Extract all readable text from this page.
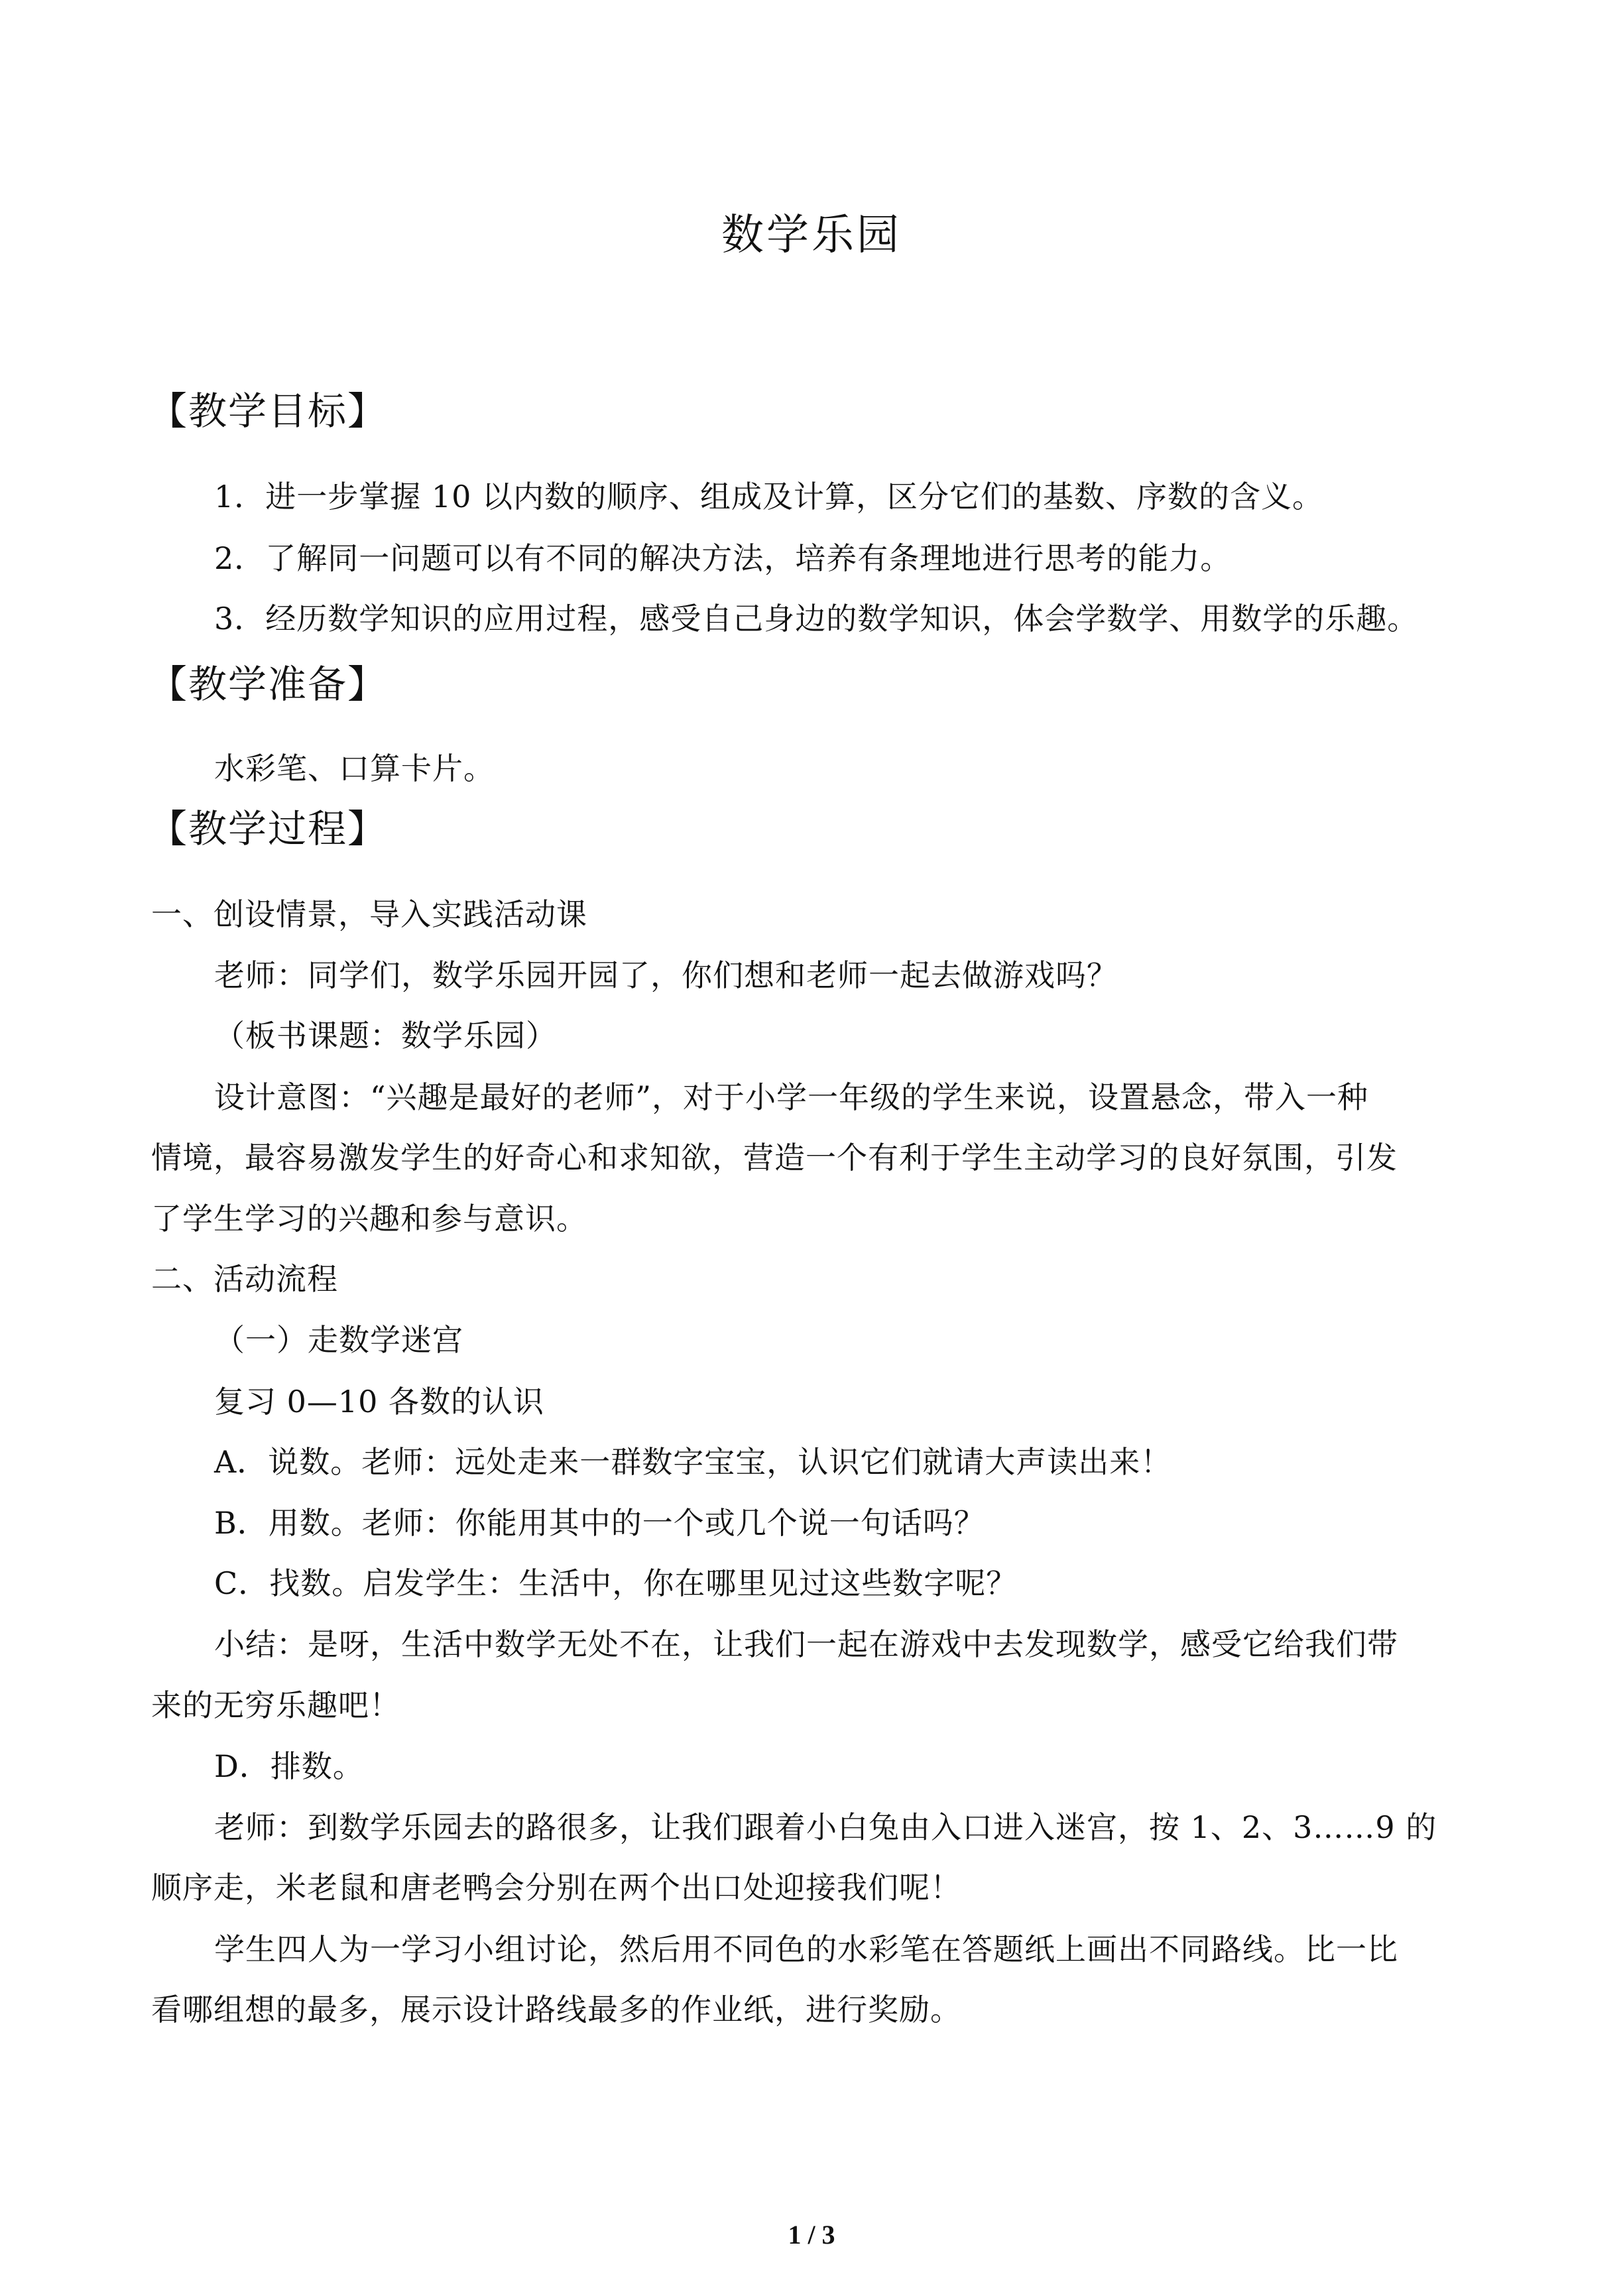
数学乐园
【教学目标】
1．进一步掌握 10 以内数的顺序、组成及计算，区分它们的基数、序数的含义。
2．了解同一问题可以有不同的解决方法，培养有条理地进行思考的能力。
3．经历数学知识的应用过程，感受自己身边的数学知识，体会学数学、用数学的乐趣。
【教学准备】
水彩笔、口算卡片。
【教学过程】
一、创设情景，导入实践活动课
老师：同学们，数学乐园开园了，你们想和老师一起去做游戏吗？
（板书课题：数学乐园）
设计意图：“兴趣是最好的老师”，对于小学一年级的学生来说，设置悬念，带入一种
情境，最容易激发学生的好奇心和求知欲，营造一个有利于学生主动学习的良好氛围，引发
了学生学习的兴趣和参与意识。
二、活动流程
（一）走数学迷宫
复习 0—10 各数的认识
A．说数。老师：远处走来一群数字宝宝，认识它们就请大声读出来！
B．用数。老师：你能用其中的一个或几个说一句话吗？
C．找数。启发学生：生活中，你在哪里见过这些数字呢？
小结：是呀，生活中数学无处不在，让我们一起在游戏中去发现数学，感受它给我们带
来的无穷乐趣吧！
D．排数。
老师：到数学乐园去的路很多，让我们跟着小白兔由入口进入迷宫，按 1、2、3……9 的
顺序走，米老鼠和唐老鸭会分别在两个出口处迎接我们呢！
学生四人为一学习小组讨论，然后用不同色的水彩笔在答题纸上画出不同路线。比一比
看哪组想的最多，展示设计路线最多的作业纸，进行奖励。
1 / 3
